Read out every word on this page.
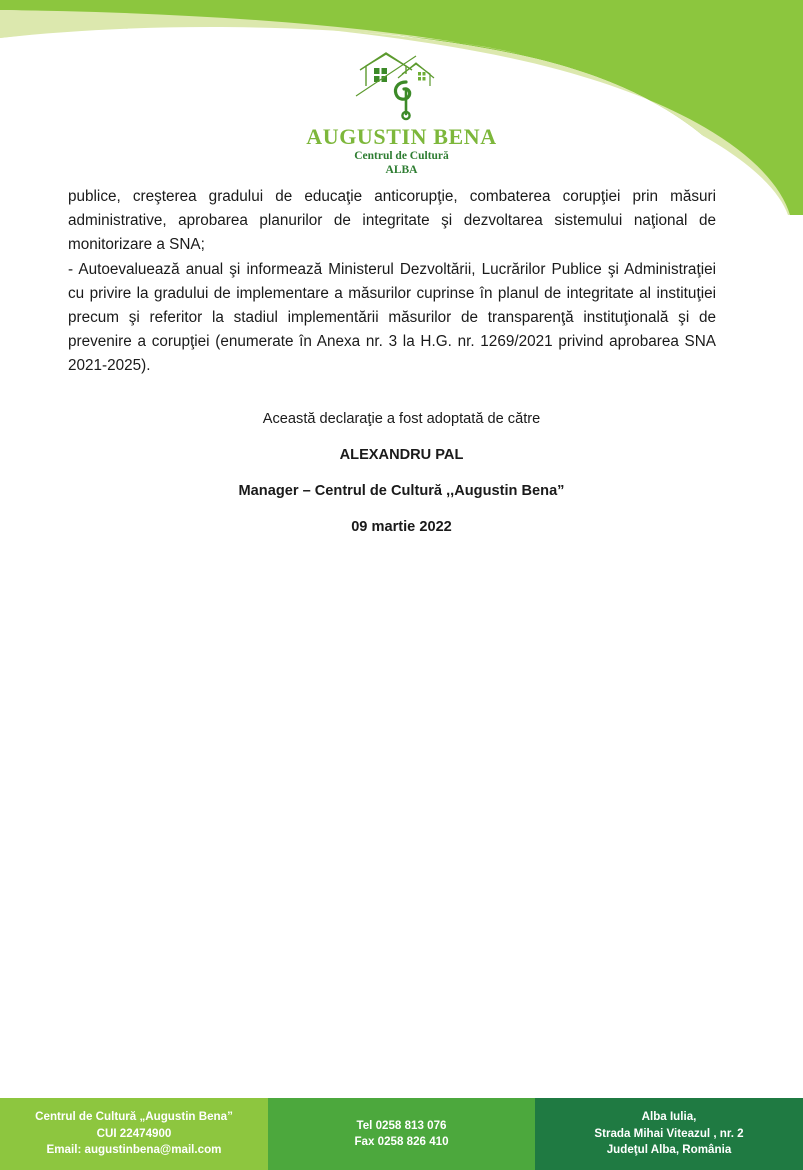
AUGUSTIN BENA
Centrul de Cultură
ALBA

publice, creşterea gradului de educaţie anticorupţie, combaterea corupţiei prin măsuri administrative, aprobarea planurilor de integritate şi dezvoltarea sistemului naţional de monitorizare a SNA;

- Autoevaluează anual şi informează Ministerul Dezvoltării, Lucrărilor Publice şi Administraţiei cu privire la gradului de implementare a măsurilor cuprinse în planul de integritate al instituţiei precum şi referitor la stadiul implementării măsurilor de transparenţă instituţională şi de prevenire a corupţiei (enumerate în Anexa nr. 3 la H.G. nr. 1269/2021 privind aprobarea SNA 2021-2025).

Această declaraţie a fost adoptată de către
ALEXANDRU PAL
Manager – Centrul de Cultură ,,Augustin Bena”
09 martie 2022
Centrul de Cultură „Augustin Bena”
CUI 22474900
Email: augustinbena@mail.com
Tel 0258 813 076
Fax 0258 826 410
Alba Iulia,
Strada Mihai Viteazul , nr. 2
Judeţul Alba, România
